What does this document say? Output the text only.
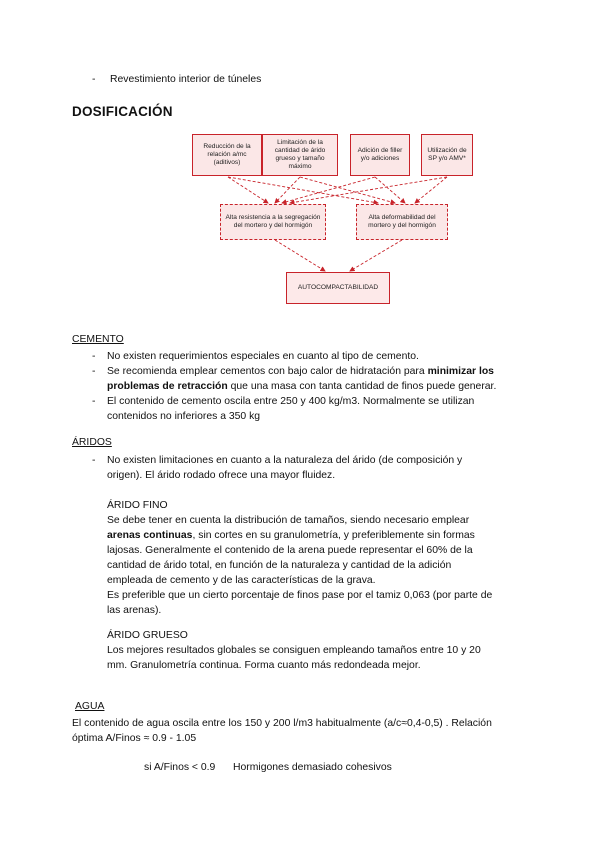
- Revestimiento interior de túneles
DOSIFICACIÓN
Reducción de la relación a/mc (aditivos)
Limitación de la cantidad de árido grueso y tamaño máximo
Adición de filler y/o adiciones
Utilización de SP y/o AMV*
Alta resistencia a la segregación del mortero y del hormigón
Alta deformabilidad del mortero y del hormigón
AUTOCOMPACTABILIDAD
CEMENTO
- No existen requerimientos especiales en cuanto al tipo de cemento.
- Se recomienda emplear cementos con bajo calor de hidratación para minimizar los
problemas de retracción que una masa con tanta cantidad de finos puede generar.
- El contenido de cemento oscila entre 250 y 400 kg/m3. Normalmente se utilizan
contenidos no inferiores a 350 kg
ÁRIDOS
- No existen limitaciones en cuanto a la naturaleza del árido (de composición y
origen). El árido rodado ofrece una mayor fluidez.
ÁRIDO FINO
Se debe tener en cuenta la distribución de tamaños, siendo necesario emplear
arenas continuas, sin cortes en su granulometría, y preferiblemente sin formas
lajosas. Generalmente el contenido de la arena puede representar el 60% de la
cantidad de árido total, en función de la naturaleza y cantidad de la adición
empleada de cemento y de las características de la grava.
Es preferible que un cierto porcentaje de finos pase por el tamiz 0,063 (por parte de
las arenas).
ÁRIDO GRUESO
Los mejores resultados globales se consiguen empleando tamaños entre 10 y 20
mm. Granulometría continua. Forma cuanto más redondeada mejor.
AGUA
El contenido de agua oscila entre los 150 y 200 l/m3 habitualmente (a/c≈0,4-0,5) . Relación
óptima A/Finos ≈ 0.9 - 1.05
si A/Finos < 0.9 Hormigones demasiado cohesivos
